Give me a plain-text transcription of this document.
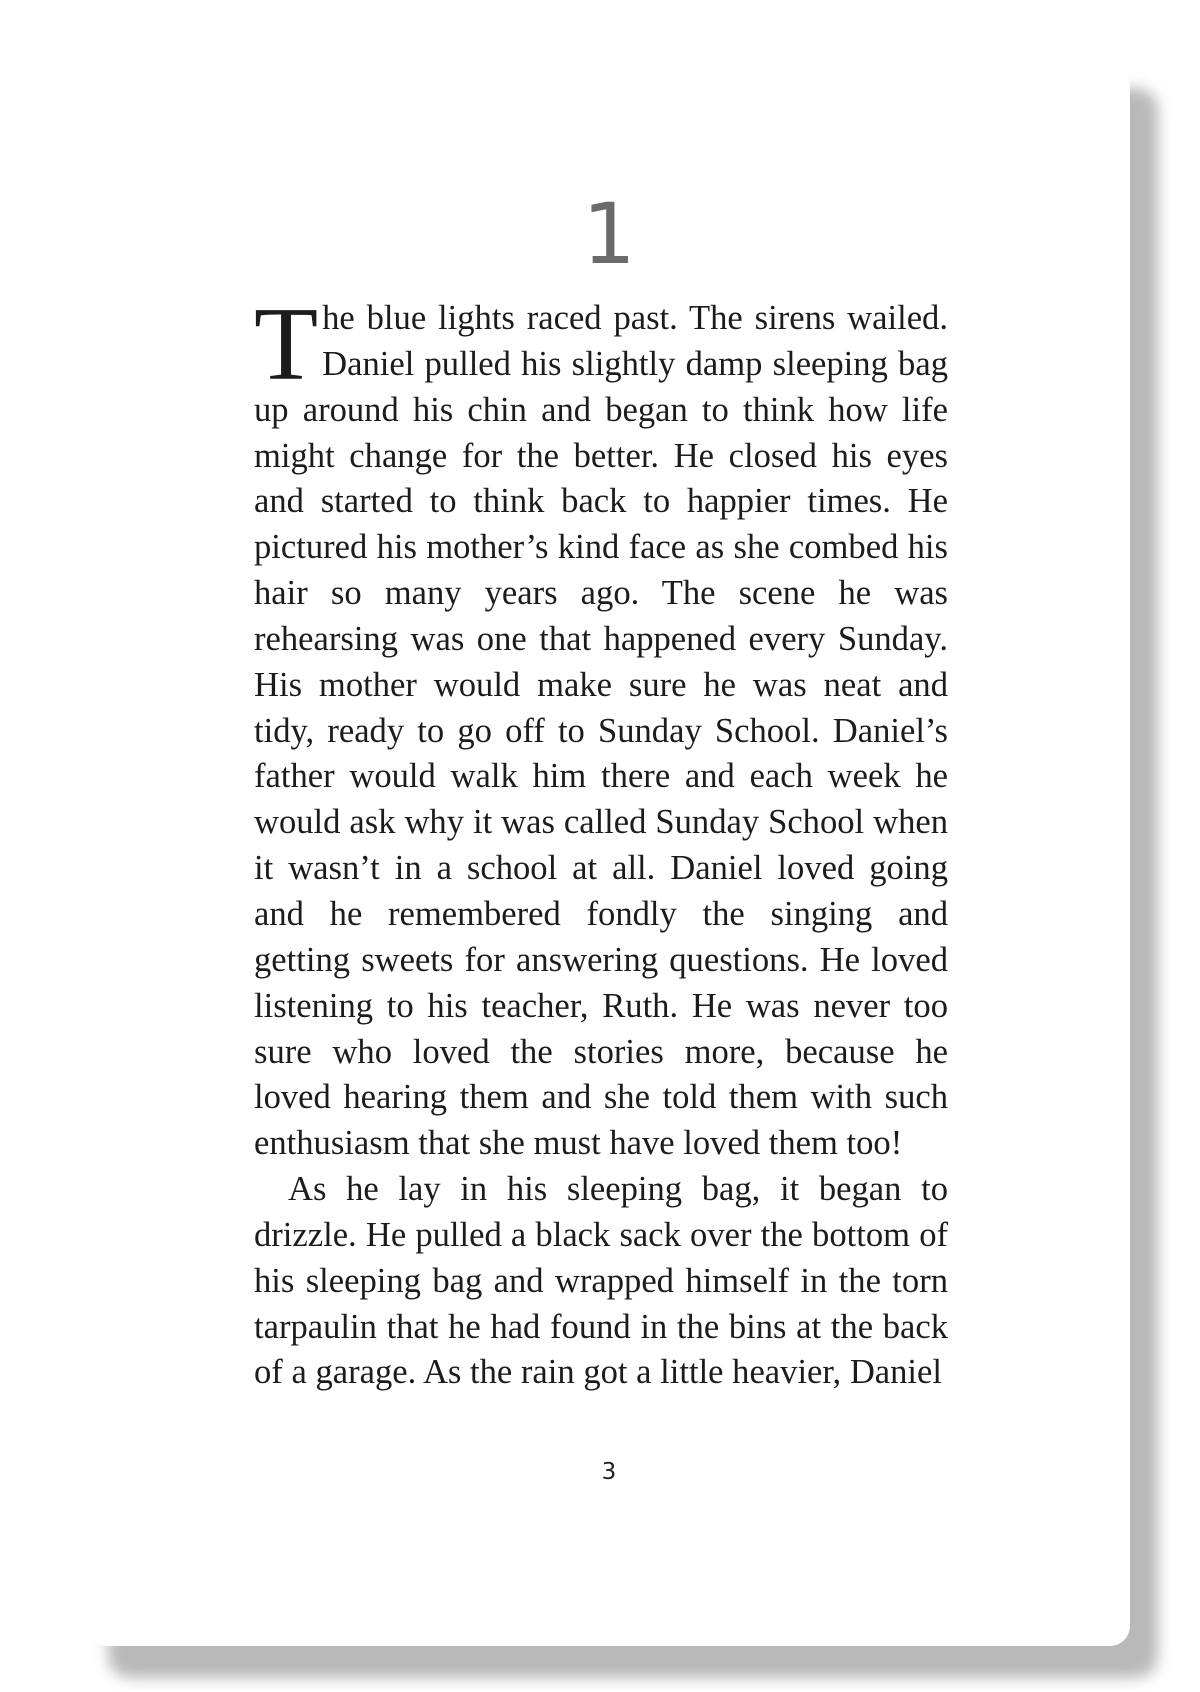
1

The blue lights raced past. The sirens wailed. Daniel pulled his slightly damp sleeping bag up around his chin and began to think how life might change for the better. He closed his eyes and started to think back to happier times. He pictured his mother’s kind face as she combed his hair so many years ago. The scene he was rehearsing was one that happened every Sunday. His mother would make sure he was neat and tidy, ready to go off to Sunday School. Daniel’s father would walk him there and each week he would ask why it was called Sunday School when it wasn’t in a school at all. Daniel loved going and he remembered fondly the singing and getting sweets for answering questions. He loved listening to his teacher, Ruth. He was never too sure who loved the stories more, because he loved hearing them and she told them with such enthusiasm that she must have loved them too!

As he lay in his sleeping bag, it began to drizzle. He pulled a black sack over the bottom of his sleeping bag and wrapped himself in the torn tarpaulin that he had found in the bins at the back of a garage. As the rain got a little heavier, Daniel

3
